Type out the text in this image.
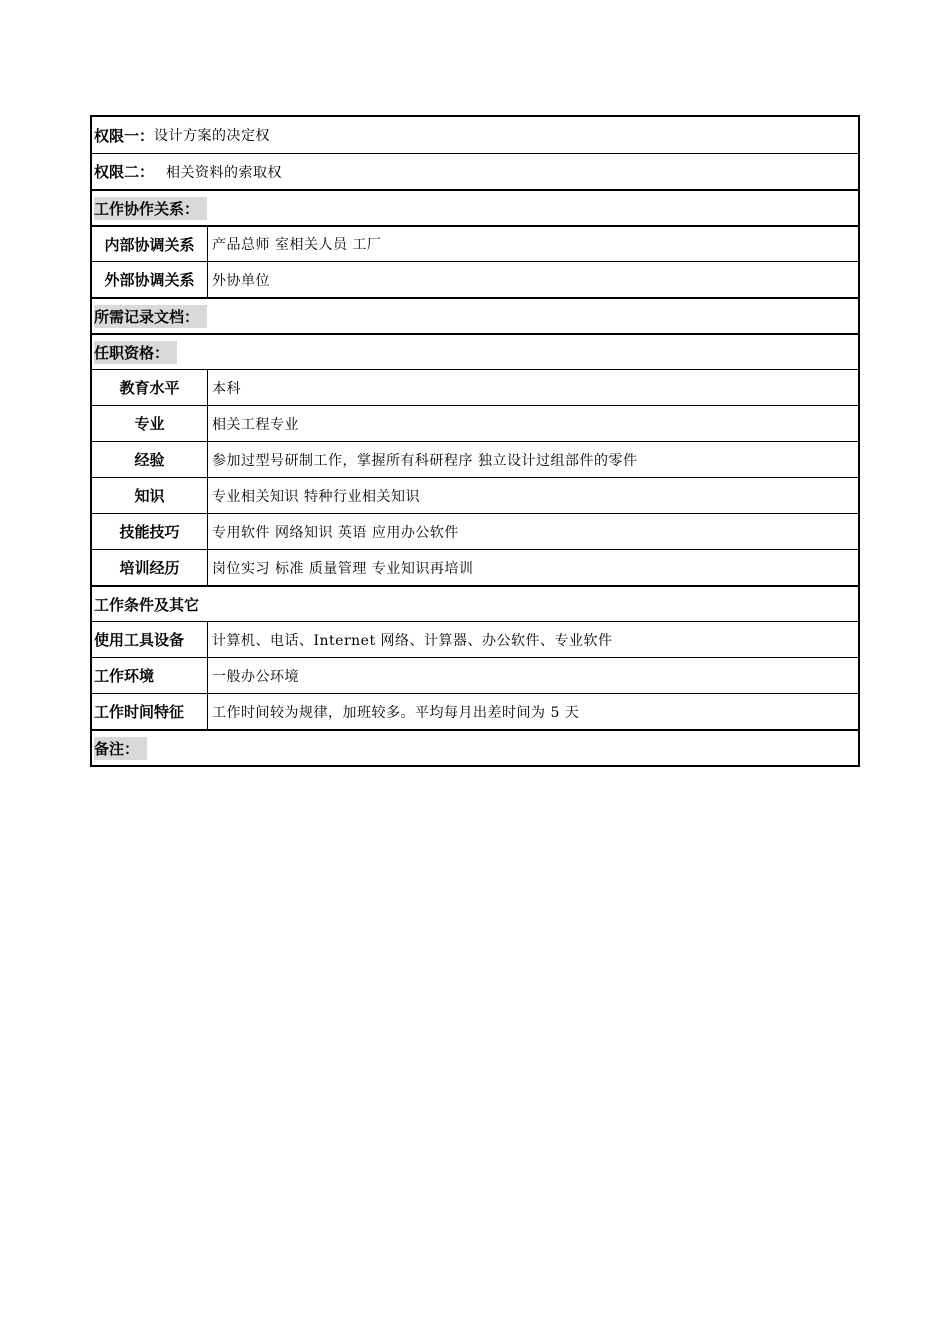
权限一： 设计方案的决定权
权限二： 相关资料的索取权
工作协作关系：
内部协调关系	产品总师 室相关人员 工厂
外部协调关系	外协单位
所需记录文档：
任职资格：
教育水平	本科
专业	相关工程专业
经验	参加过型号研制工作，掌握所有科研程序 独立设计过组部件的零件
知识	专业相关知识 特种行业相关知识
技能技巧	专用软件 网络知识 英语 应用办公软件
培训经历	岗位实习 标准 质量管理 专业知识再培训
工作条件及其它
使用工具设备	计算机、电话、Internet 网络、计算器、办公软件、专业软件
工作环境	一般办公环境
工作时间特征	工作时间较为规律，加班较多。平均每月出差时间为 5 天
备注：
